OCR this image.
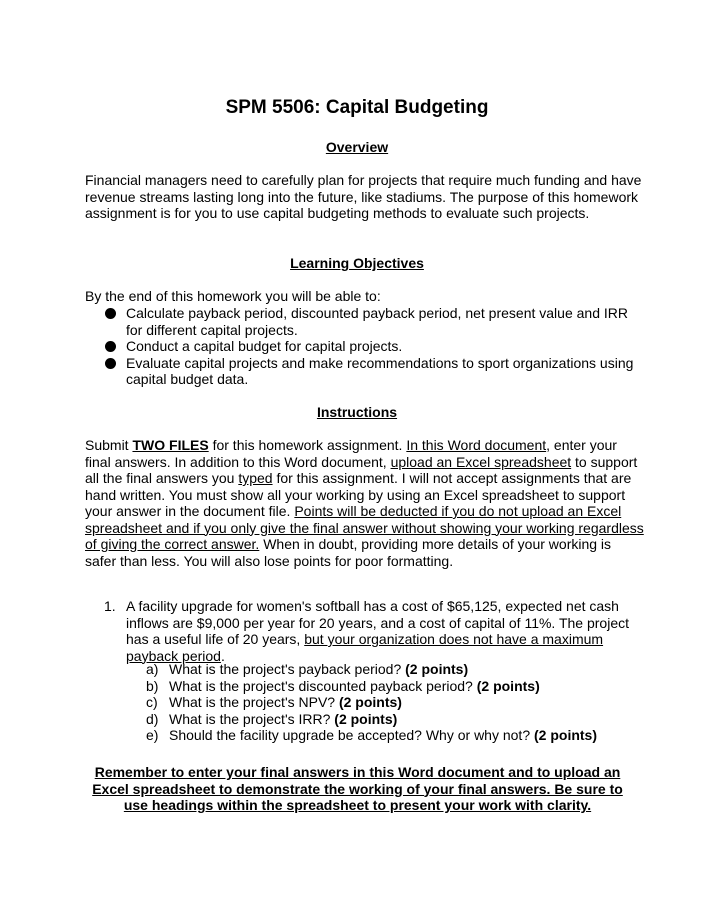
SPM 5506: Capital Budgeting
Overview
Financial managers need to carefully plan for projects that require much funding and have revenue streams lasting long into the future, like stadiums. The purpose of this homework assignment is for you to use capital budgeting methods to evaluate such projects.
Learning Objectives
By the end of this homework you will be able to:
Calculate payback period, discounted payback period, net present value and IRR for different capital projects.
Conduct a capital budget for capital projects.
Evaluate capital projects and make recommendations to sport organizations using capital budget data.
Instructions
Submit TWO FILES for this homework assignment. In this Word document, enter your final answers. In addition to this Word document, upload an Excel spreadsheet to support all the final answers you typed for this assignment. I will not accept assignments that are hand written. You must show all your working by using an Excel spreadsheet to support your answer in the document file. Points will be deducted if you do not upload an Excel spreadsheet and if you only give the final answer without showing your working regardless of giving the correct answer. When in doubt, providing more details of your working is safer than less. You will also lose points for poor formatting.
1. A facility upgrade for women's softball has a cost of $65,125, expected net cash inflows are $9,000 per year for 20 years, and a cost of capital of 11%. The project has a useful life of 20 years, but your organization does not have a maximum payback period.
a) What is the project's payback period? (2 points)
b) What is the project's discounted payback period? (2 points)
c) What is the project's NPV? (2 points)
d) What is the project's IRR? (2 points)
e) Should the facility upgrade be accepted? Why or why not? (2 points)
Remember to enter your final answers in this Word document and to upload an Excel spreadsheet to demonstrate the working of your final answers. Be sure to use headings within the spreadsheet to present your work with clarity.
